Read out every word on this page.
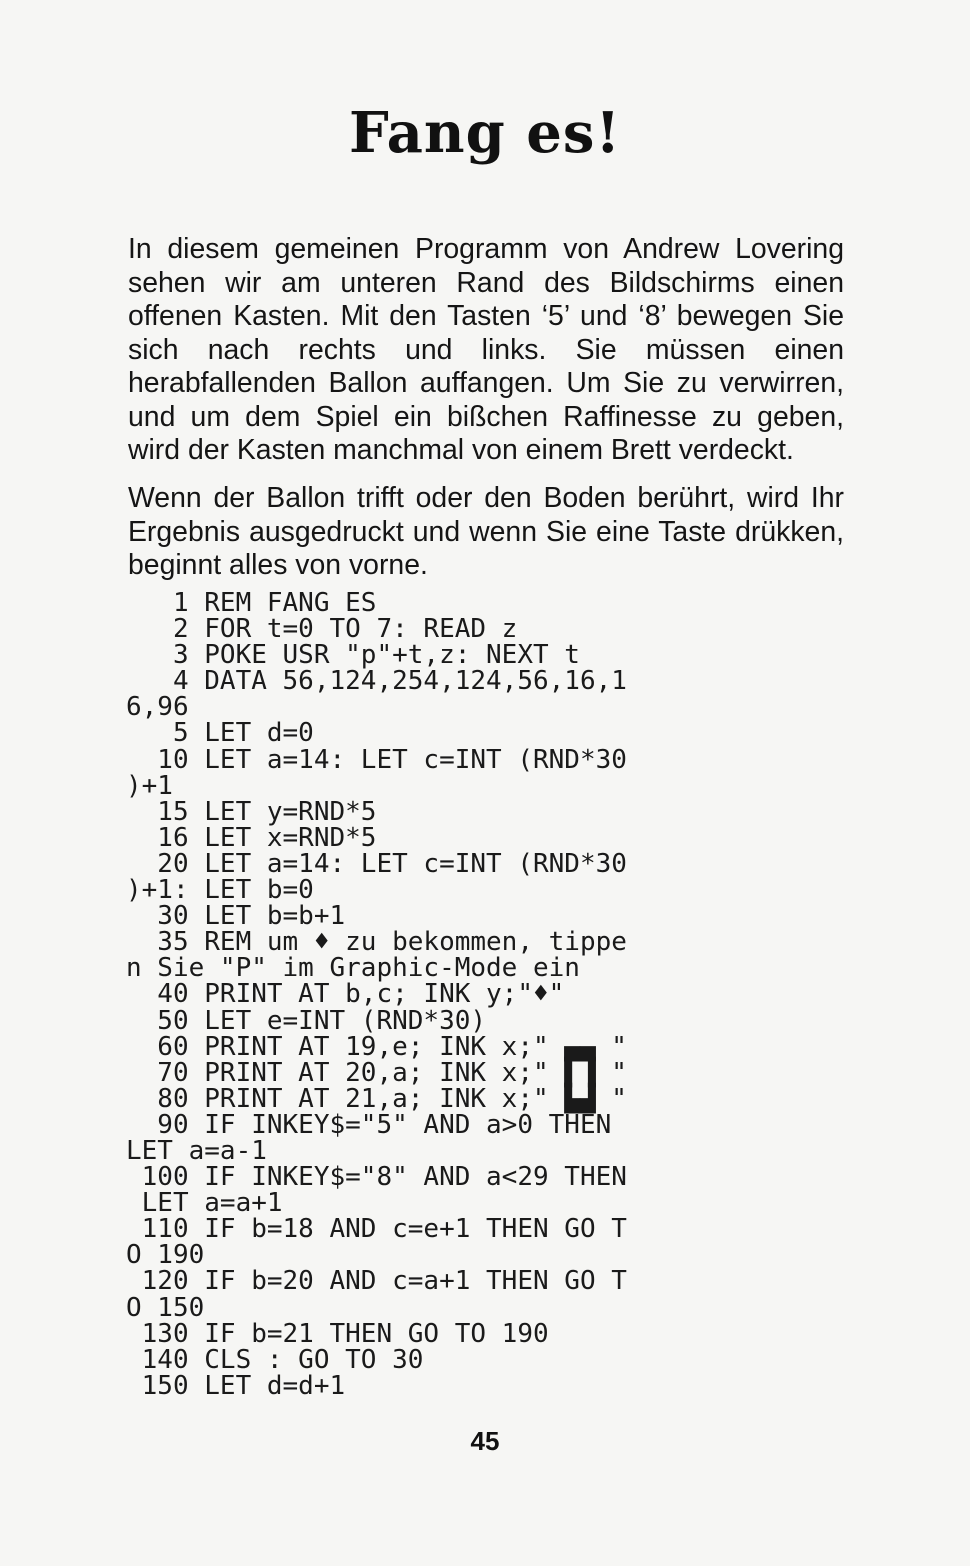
Fang es!

In diesem gemeinen Programm von Andrew Lovering sehen wir am unteren Rand des Bildschirms einen offenen Kasten. Mit den Tasten ‘5’ und ‘8’ bewegen Sie sich nach rechts und links. Sie müssen einen herabfallenden Ballon auffangen. Um Sie zu verwirren, und um dem Spiel ein bißchen Raffinesse zu geben, wird der Kasten manchmal von einem Brett verdeckt.

Wenn der Ballon trifft oder den Boden berührt, wird Ihr Ergebnis ausgedruckt und wenn Sie eine Taste drükken, beginnt alles von vorne.

1 REM FANG ES
2 FOR t=0 TO 7: READ z
3 POKE USR "p"+t,z: NEXT t
4 DATA 56,124,254,124,56,16,1
6,96
5 LET d=0
10 LET a=14: LET c=INT (RND*30
)+1
15 LET y=RND*5
16 LET x=RND*5
20 LET a=14: LET c=INT (RND*30
)+1: LET b=0
30 LET b=b+1
35 REM um ♦ zu bekommen, tippe
n Sie "P" im Graphic-Mode ein
40 PRINT AT b,c; INK y;"♦"
50 LET e=INT (RND*30)
60 PRINT AT 19,e; INK x;" ▄▄ "
70 PRINT AT 20,a; INK x;" ▌▐ "
80 PRINT AT 21,a; INK x;" ▙▟ "
90 IF INKEY$="5" AND a>0 THEN
LET a=a-1
100 IF INKEY$="8" AND a<29 THEN
LET a=a+1
110 IF b=18 AND c=e+1 THEN GO T
O 190
120 IF b=20 AND c=a+1 THEN GO T
O 150
130 IF b=21 THEN GO TO 190
140 CLS : GO TO 30
150 LET d=d+1
45
